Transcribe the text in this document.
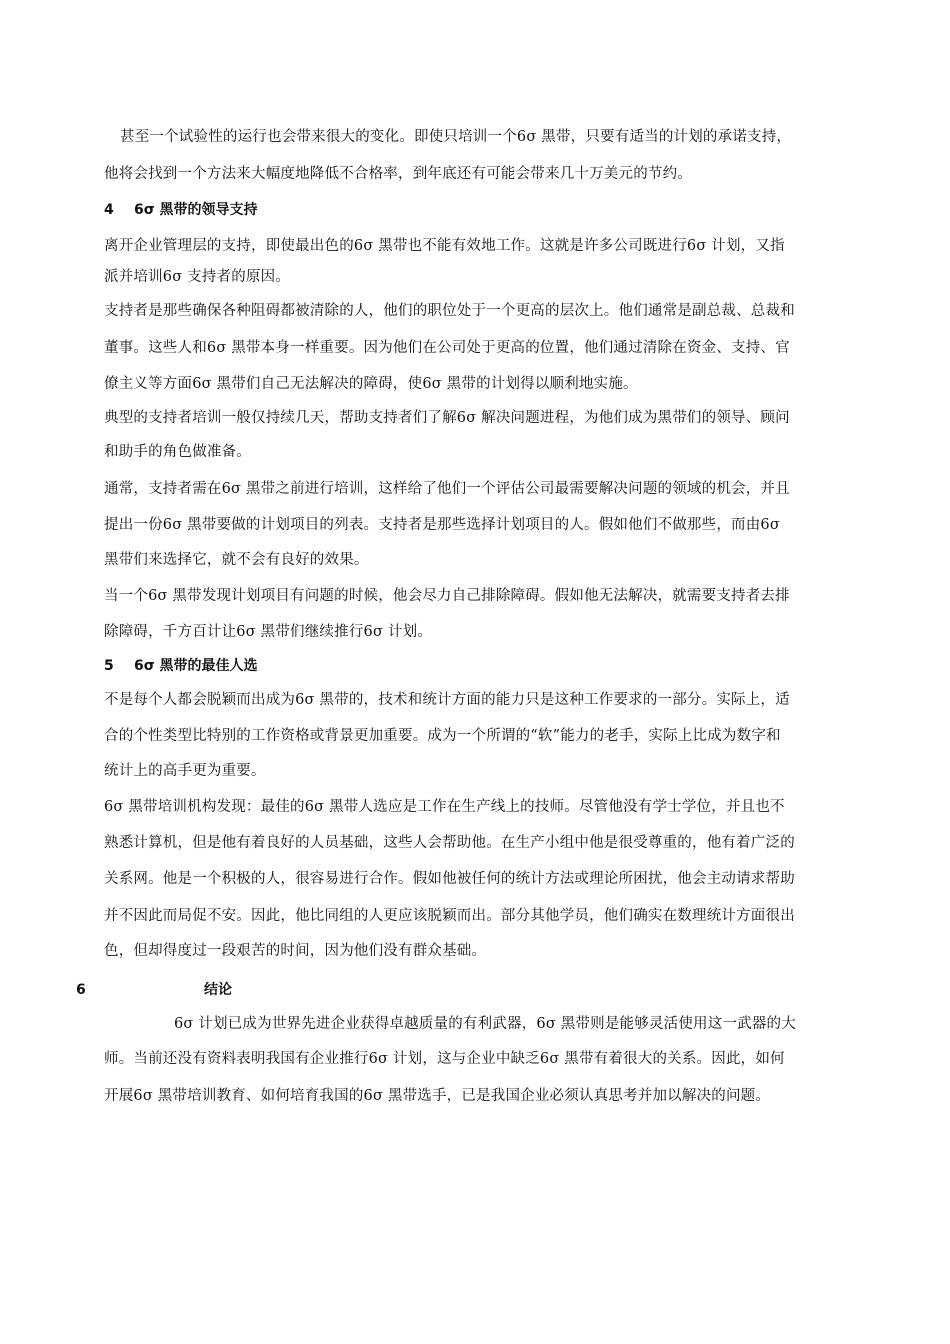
甚至一个试验性的运行也会带来很大的变化。即使只培训一个6σ 黑带，只要有适当的计划的承诺支持，
他将会找到一个方法来大幅度地降低不合格率，到年底还有可能会带来几十万美元的节约。
4 6σ 黑带的领导支持
离开企业管理层的支持，即使最出色的6σ 黑带也不能有效地工作。这就是许多公司既进行6σ 计划，又指
派并培训6σ 支持者的原因。
支持者是那些确保各种阻碍都被清除的人，他们的职位处于一个更高的层次上。他们通常是副总裁、总裁和
董事。这些人和6σ 黑带本身一样重要。因为他们在公司处于更高的位置，他们通过清除在资金、支持、官
僚主义等方面6σ 黑带们自己无法解决的障碍，使6σ 黑带的计划得以顺利地实施。
典型的支持者培训一般仅持续几天，帮助支持者们了解6σ 解决问题进程，为他们成为黑带们的领导、顾问
和助手的角色做准备。
通常，支持者需在6σ 黑带之前进行培训，这样给了他们一个评估公司最需要解决问题的领域的机会，并且
提出一份6σ 黑带要做的计划项目的列表。支持者是那些选择计划项目的人。假如他们不做那些，而由6σ
黑带们来选择它，就不会有良好的效果。
当一个6σ 黑带发现计划项目有问题的时候，他会尽力自己排除障碍。假如他无法解决，就需要支持者去排
除障碍，千方百计让6σ 黑带们继续推行6σ 计划。
5 6σ 黑带的最佳人选
不是每个人都会脱颖而出成为6σ 黑带的，技术和统计方面的能力只是这种工作要求的一部分。实际上，适
合的个性类型比特别的工作资格或背景更加重要。成为一个所谓的“软”能力的老手，实际上比成为数字和
统计上的高手更为重要。
6σ 黑带培训机构发现：最佳的6σ 黑带人选应是工作在生产线上的技师。尽管他没有学士学位，并且也不
熟悉计算机，但是他有着良好的人员基础，这些人会帮助他。在生产小组中他是很受尊重的，他有着广泛的
关系网。他是一个积极的人，很容易进行合作。假如他被任何的统计方法或理论所困扰，他会主动请求帮助
并不因此而局促不安。因此，他比同组的人更应该脱颖而出。部分其他学员，他们确实在数理统计方面很出
色，但却得度过一段艰苦的时间，因为他们没有群众基础。
6	结论
6σ 计划已成为世界先进企业获得卓越质量的有利武器，6σ 黑带则是能够灵活使用这一武器的大
师。当前还没有资料表明我国有企业推行6σ 计划，这与企业中缺乏6σ 黑带有着很大的关系。因此，如何
开展6σ 黑带培训教育、如何培育我国的6σ 黑带选手，已是我国企业必须认真思考并加以解决的问题。
